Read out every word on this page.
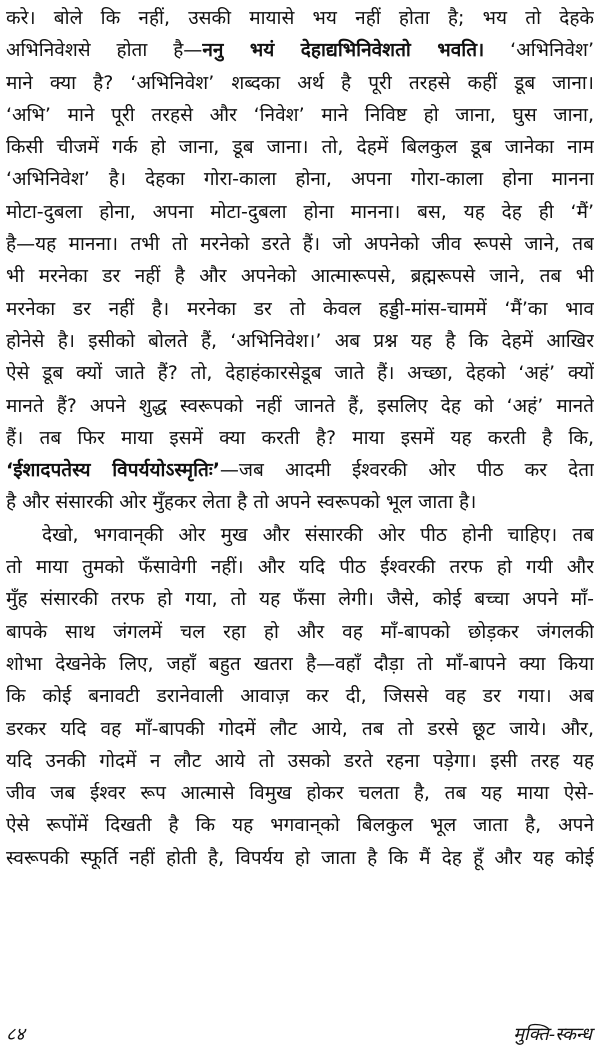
करे। बोले कि नहीं, उसकी मायासे भय नहीं होता है; भय तो देहके
अभिनिवेशसे होता है—ननु भयं देहाद्यभिनिवेशतो भवति। ‘अभिनिवेश’
माने क्या है? ‘अभिनिवेश’ शब्दका अर्थ है पूरी तरहसे कहीं डूब जाना।
‘अभि’ माने पूरी तरहसे और ‘निवेश’ माने निविष्ट हो जाना, घुस जाना,
किसी चीजमें गर्क हो जाना, डूब जाना। तो, देहमें बिलकुल डूब जानेका नाम
‘अभिनिवेश’ है। देहका गोरा-काला होना, अपना गोरा-काला होना मानना
मोटा-दुबला होना, अपना मोटा-दुबला होना मानना। बस, यह देह ही ‘मैं’
है—यह मानना। तभी तो मरनेको डरते हैं। जो अपनेको जीव रूपसे जाने, तब
भी मरनेका डर नहीं है और अपनेको आत्मारूपसे, ब्रह्मरूपसे जाने, तब भी
मरनेका डर नहीं है। मरनेका डर तो केवल हड्डी-मांस-चाममें ‘मैं’का भाव
होनेसे है। इसीको बोलते हैं, ‘अभिनिवेश।’ अब प्रश्न यह है कि देहमें आखिर
ऐसे डूब क्यों जाते हैं? तो, देहाहंकारसेडूब जाते हैं। अच्छा, देहको ‘अहं’ क्यों
मानते हैं? अपने शुद्ध स्वरूपको नहीं जानते हैं, इसलिए देह को ‘अहं’ मानते
हैं। तब फिर माया इसमें क्या करती है? माया इसमें यह करती है कि,
‘ईशादपतेस्य विपर्ययोऽस्मृतिः’—जब आदमी ईश्वरकी ओर पीठ कर देता
है और संसारकी ओर मुँहकर लेता है तो अपने स्वरूपको भूल जाता है।
देखो, भगवान्‌की ओर मुख और संसारकी ओर पीठ होनी चाहिए। तब
तो माया तुमको फँसावेगी नहीं। और यदि पीठ ईश्वरकी तरफ हो गयी और
मुँह संसारकी तरफ हो गया, तो यह फँसा लेगी। जैसे, कोई बच्चा अपने माँ-
बापके साथ जंगलमें चल रहा हो और वह माँ-बापको छोड़कर जंगलकी
शोभा देखनेके लिए, जहाँ बहुत खतरा है—वहाँ दौड़ा तो माँ-बापने क्या किया
कि कोई बनावटी डरानेवाली आवाज़ कर दी, जिससे वह डर गया। अब
डरकर यदि वह माँ-बापकी गोदमें लौट आये, तब तो डरसे छूट जाये। और,
यदि उनकी गोदमें न लौट आये तो उसको डरते रहना पड़ेगा। इसी तरह यह
जीव जब ईश्वर रूप आत्मासे विमुख होकर चलता है, तब यह माया ऐसे-
ऐसे रूपोंमें दिखती है कि यह भगवान्‌को बिलकुल भूल जाता है, अपने
स्वरूपकी स्फूर्ति नहीं होती है, विपर्यय हो जाता है कि मैं देह हूँ और यह कोई
८४	मुक्ति-स्कन्ध
